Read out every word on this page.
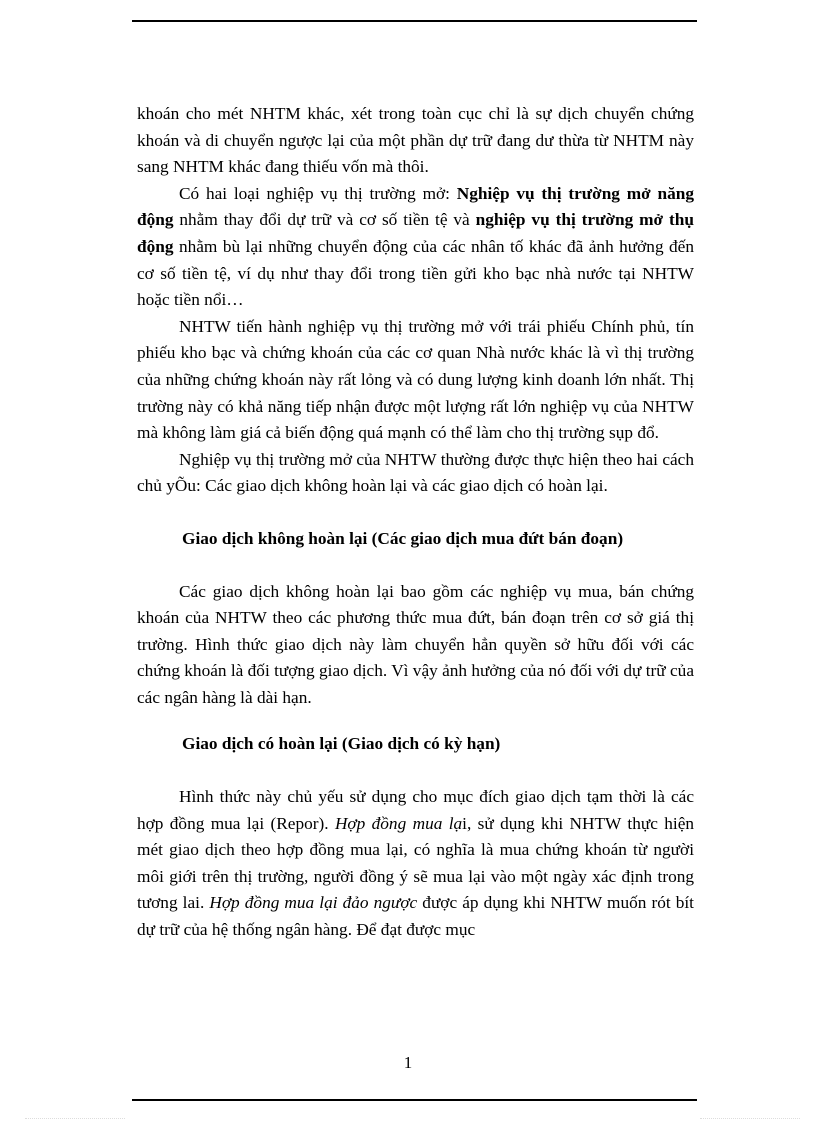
khoán cho mét NHTM khác, xét trong toàn cục chỉ là sự dịch chuyển chứng khoán và di chuyển ngược lại của một phần dự trữ đang dư thừa từ NHTM này sang NHTM khác đang thiếu vốn mà thôi.

Có hai loại nghiệp vụ thị trường mở: Nghiệp vụ thị trường mở năng động nhằm thay đổi dự trữ và cơ số tiền tệ và nghiệp vụ thị trường mở thụ động nhằm bù lại những chuyển động của các nhân tố khác đã ảnh hưởng đến cơ số tiền tệ, ví dụ như thay đổi trong tiền gửi kho bạc nhà nước tại NHTW hoặc tiền nổi…

NHTW tiến hành nghiệp vụ thị trường mở với trái phiếu Chính phủ, tín phiếu kho bạc và chứng khoán của các cơ quan Nhà nước khác là vì thị trường của những chứng khoán này rất lỏng và có dung lượng kinh doanh lớn nhất. Thị trường này có khả năng tiếp nhận được một lượng rất lớn nghiệp vụ của NHTW mà không làm giá cả biến động quá mạnh có thể làm cho thị trường sụp đổ.

Nghiệp vụ thị trường mở của NHTW thường được thực hiện theo hai cách chủ yÕu: Các giao dịch không hoàn lại và các giao dịch có hoàn lại.

Giao dịch không hoàn lại (Các giao dịch mua đứt bán đoạn)

Các giao dịch không hoàn lại bao gồm các nghiệp vụ mua, bán chứng khoán của NHTW theo các phương thức mua đứt, bán đoạn trên cơ sở giá thị trường. Hình thức giao dịch này làm chuyển hẳn quyền sở hữu đối với các chứng khoán là đối tượng giao dịch. Vì vậy ảnh hưởng của nó đối với dự trữ của các ngân hàng là dài hạn.

Giao dịch có hoàn lại (Giao dịch có kỳ hạn)

Hình thức này chủ yếu sử dụng cho mục đích giao dịch tạm thời là các hợp đồng mua lại (Repor). Hợp đồng mua lại, sử dụng khi NHTW thực hiện mét giao dịch theo hợp đồng mua lại, có nghĩa là mua chứng khoán từ người môi giới trên thị trường, người đồng ý sẽ mua lại vào một ngày xác định trong tương lai. Hợp đồng mua lại đảo ngược được áp dụng khi NHTW muốn rót bít dự trữ của hệ thống ngân hàng. Để đạt được mục

1
